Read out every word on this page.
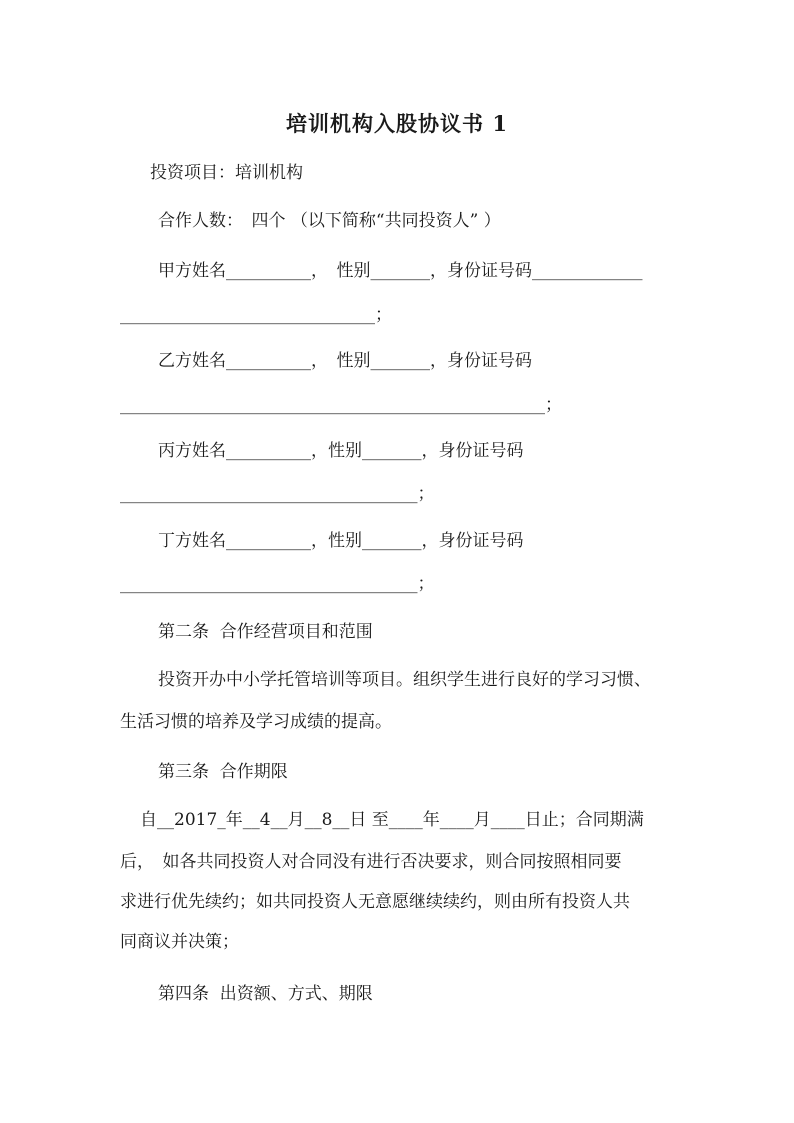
培训机构入股协议书 1
投资项目：培训机构
合作人数：　四个 （以下简称“共同投资人” ）
甲方姓名__________，　性别_______，身份证号码_____________
______________________________；
乙方姓名__________，　性别_______，身份证号码
__________________________________________________；
丙方姓名__________，性别_______，身份证号码
___________________________________；
丁方姓名__________，性别_______，身份证号码
___________________________________；
第二条  合作经营项目和范围
投资开办中小学托管培训等项目。组织学生进行良好的学习习惯、
生活习惯的培养及学习成绩的提高。
第三条  合作期限
自__2017_年__4__月__8__日 至____年____月____日止；合同期满
后，　如各共同投资人对合同没有进行否决要求，则合同按照相同要
求进行优先续约；如共同投资人无意愿继续续约，则由所有投资人共
同商议并决策；
第四条  出资额、方式、期限
